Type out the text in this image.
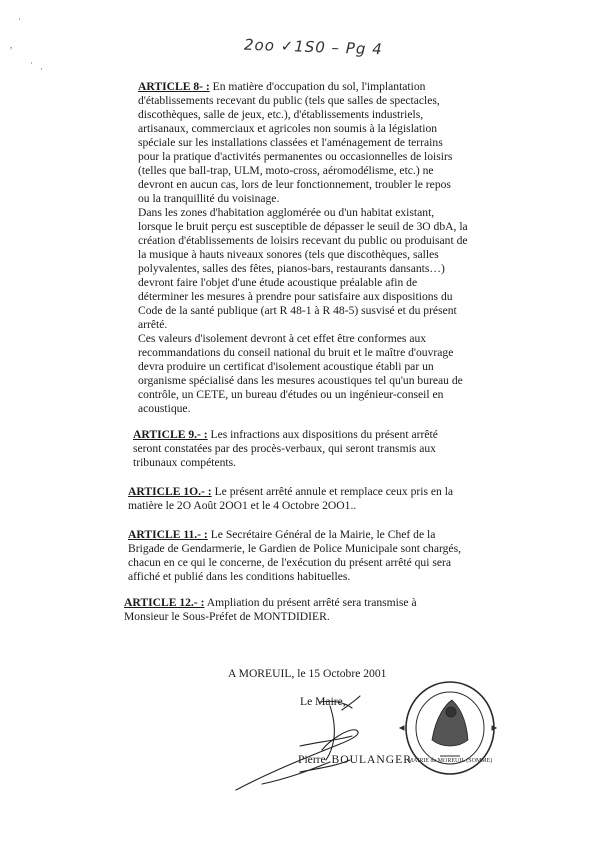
·
,
·
·
2oo ✓1S0 – Pg 4
ARTICLE 8- : En matière d'occupation du sol, l'implantation
d'établissements recevant du public (tels que salles de spectacles,
discothèques, salle de jeux, etc.), d'établissements industriels,
artisanaux, commerciaux et agricoles non soumis à la législation
spéciale sur les installations classées et l'aménagement de terrains
pour la pratique d'activités permanentes ou occasionnelles de loisirs
(telles que ball-trap, ULM, moto-cross, aéromodélisme, etc.) ne
devront en aucun cas, lors de leur fonctionnement, troubler le repos
ou la tranquillité du voisinage.
Dans les zones d'habitation agglomérée ou d'un habitat existant,
lorsque le bruit perçu est susceptible de dépasser le seuil de 3O dbA, la
création d'établissements de loisirs recevant du public ou produisant de
la musique à hauts niveaux sonores (tels que discothèques, salles
polyvalentes, salles des fêtes, pianos-bars, restaurants dansants…)
devront faire l'objet d'une étude acoustique préalable afin de
déterminer les mesures à prendre pour satisfaire aux dispositions du
Code de la santé publique (art R 48-1 à R 48-5) susvisé et du présent
arrêté.
Ces valeurs d'isolement devront à cet effet être conformes aux
recommandations du conseil national du bruit et le maître d'ouvrage
devra produire un certificat d'isolement acoustique établi par un
organisme spécialisé dans les mesures acoustiques tel qu'un bureau de
contrôle, un CETE, un bureau d'études ou un ingénieur-conseil en
acoustique.
ARTICLE 9.- : Les infractions aux dispositions du présent arrêté
seront constatées par des procès-verbaux, qui seront transmis aux
tribunaux compétents.
ARTICLE 1O.- : Le présent arrêté annule et remplace ceux pris en la
matière le 2O Août 2OO1 et le 4 Octobre 2OO1..
ARTICLE 11.- : Le Secrétaire Général de la Mairie, le Chef de la
Brigade de Gendarmerie, le Gardien de Police Municipale sont chargés,
chacun en ce qui le concerne, de l'exécution du présent arrêté qui sera
affiché et publié dans les conditions habituelles.
ARTICLE 12.- : Ampliation du présent arrêté sera transmise à
Monsieur le Sous-Préfet de MONTDIDIER.
A MOREUIL, le 15 Octobre 2001
Le Maire,
Pierre BOULANGER
MAIRIE de MOREUIL (SOMME)
